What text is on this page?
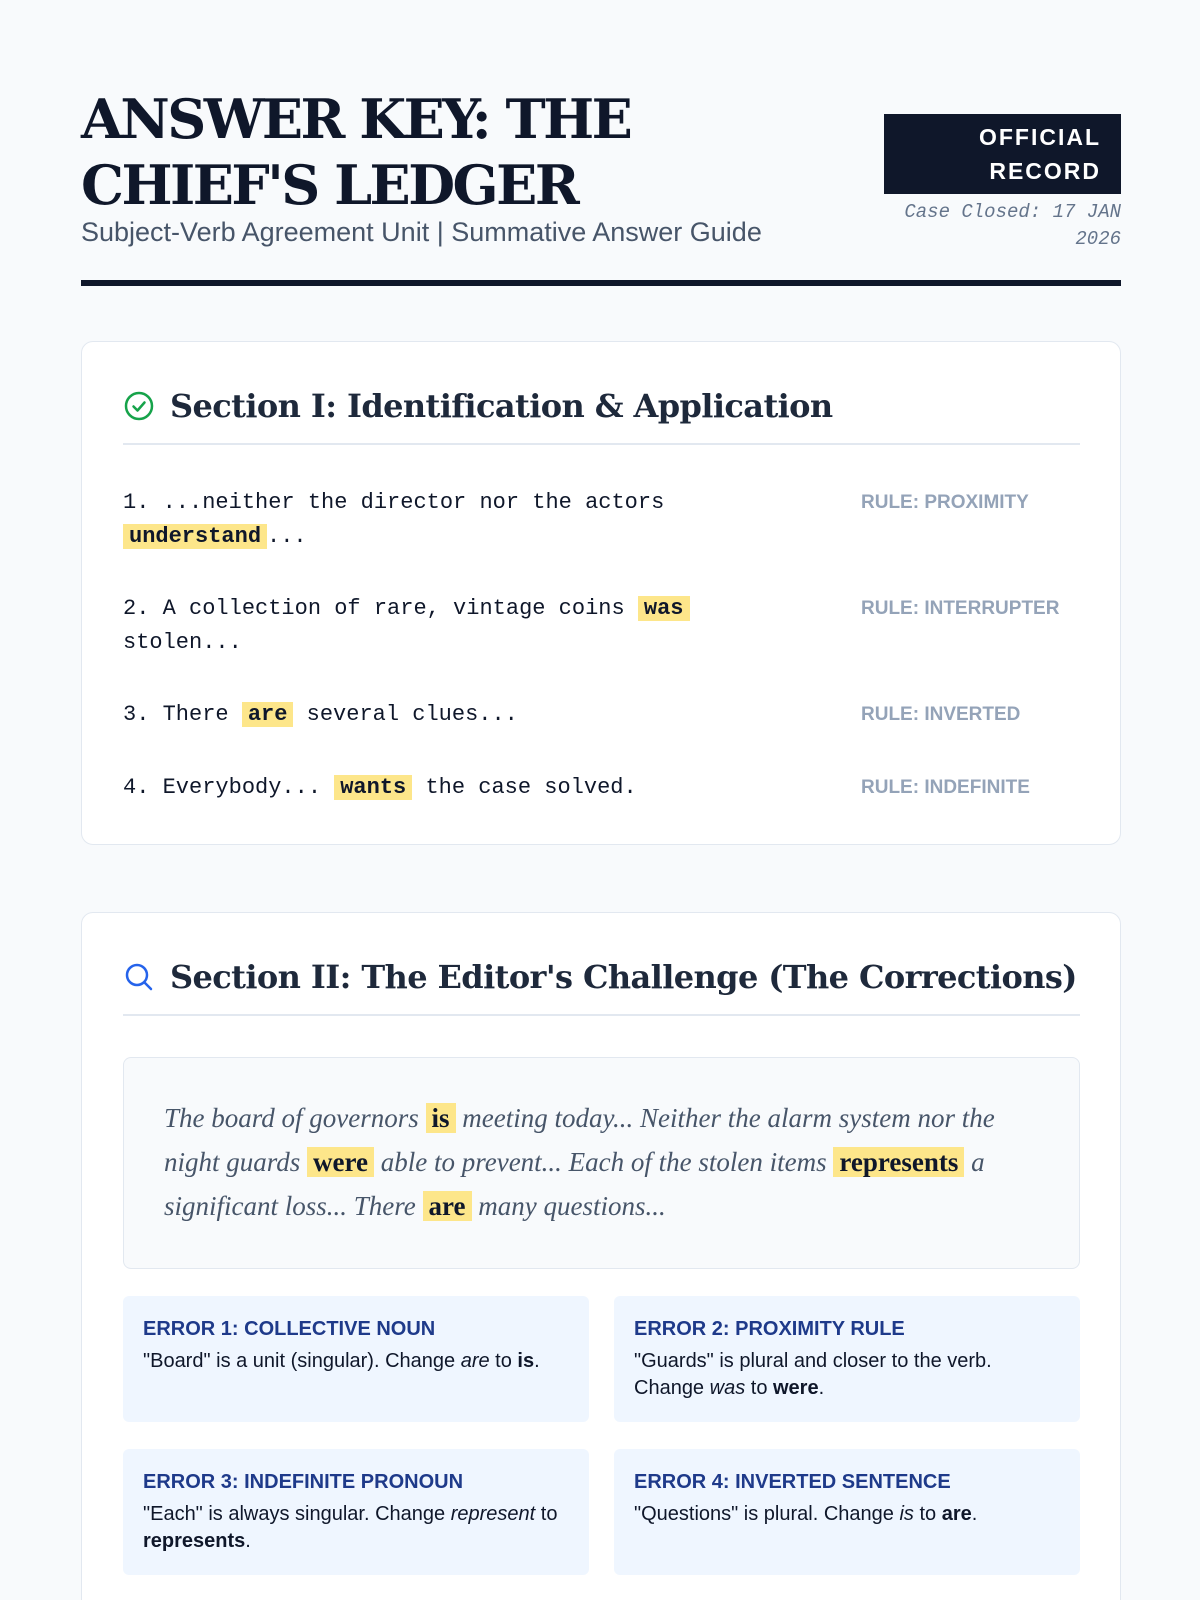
ANSWER KEY: THE CHIEF'S LEDGER
Subject-Verb Agreement Unit | Summative Answer Guide
OFFICIAL RECORD
Case Closed: 17 JAN 2026
Section I: Identification & Application
1. ...neither the director nor the actors understand ...
RULE: PROXIMITY
2. A collection of rare, vintage coins was stolen...
RULE: INTERRUPTER
3. There are several clues...	RULE: INVERTED
4. Everybody... wants the case solved.	RULE: INDEFINITE
Section II: The Editor's Challenge (The Corrections)
The board of governors is meeting today... Neither the alarm system nor the night guards were able to prevent... Each of the stolen items represents a significant loss... There are many questions...
ERROR 1: COLLECTIVE NOUN
"Board" is a unit (singular). Change are to is.
ERROR 2: PROXIMITY RULE
"Guards" is plural and closer to the verb. Change was to were.
ERROR 3: INDEFINITE PRONOUN
"Each" is always singular. Change represent to represents.
ERROR 4: INVERTED SENTENCE
"Questions" is plural. Change is to are.
